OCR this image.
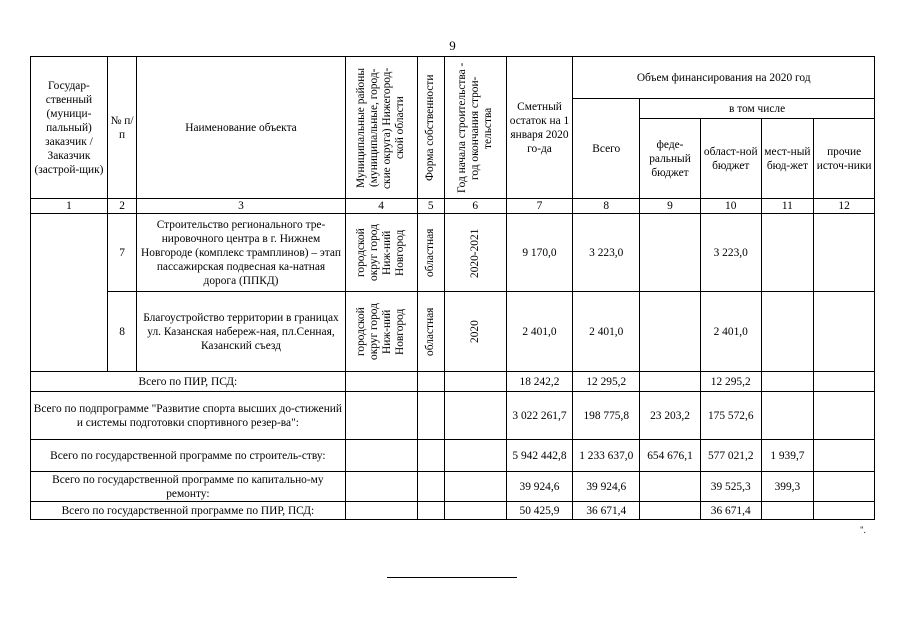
9
Государ-ственный (муници-пальный) заказчик / Заказчик (застрой-щик)	№ п/п	Наименование объекта	Муниципальные районы (муниципальные, город-ские округа) Нижегород-ской области	Форма собственности	Год начала строительства - год окончания строи-тельства	Сметный остаток на 1 января 2020 го-да	Объем финансирования на 2020 год				
							Всего	в том числе			
								феде-ральный бюджет	област-ной бюджет	мест-ный бюд-жет	прочие источ-ники
1	2	3	4	5	6	7	8	9	10	11	12
	7	Строительство регионального тре-нировочного центра в г. Нижнем Новгороде (комплекс трамплинов) – этап пассажирская подвесная ка-натная дорога (ППКД)	городской округ город Ниж-ний Новгород	областная	2020-2021	9 170,0	3 223,0		3 223,0		
	8	Благоустройство территории в границах ул. Казанская набереж-ная, пл.Сенная, Казанский съезд	городской округ город Ниж-ний Новгород	областная	2020	2 401,0	2 401,0		2 401,0		
Всего по ПИР, ПСД:						18 242,2	12 295,2		12 295,2		
Всего по подпрограмме "Развитие спорта высших до-стижений и системы подготовки спортивного резер-ва":						3 022 261,7	198 775,8	23 203,2	175 572,6		
Всего по государственной программе по строитель-ству:						5 942 442,8	1 233 637,0	654 676,1	577 021,2	1 939,7	
Всего по государственной программе по капитально-му ремонту:						39 924,6	39 924,6		39 525,3	399,3	
Всего по государственной программе по ПИР, ПСД:						50 425,9	36 671,4		36 671,4		
".
